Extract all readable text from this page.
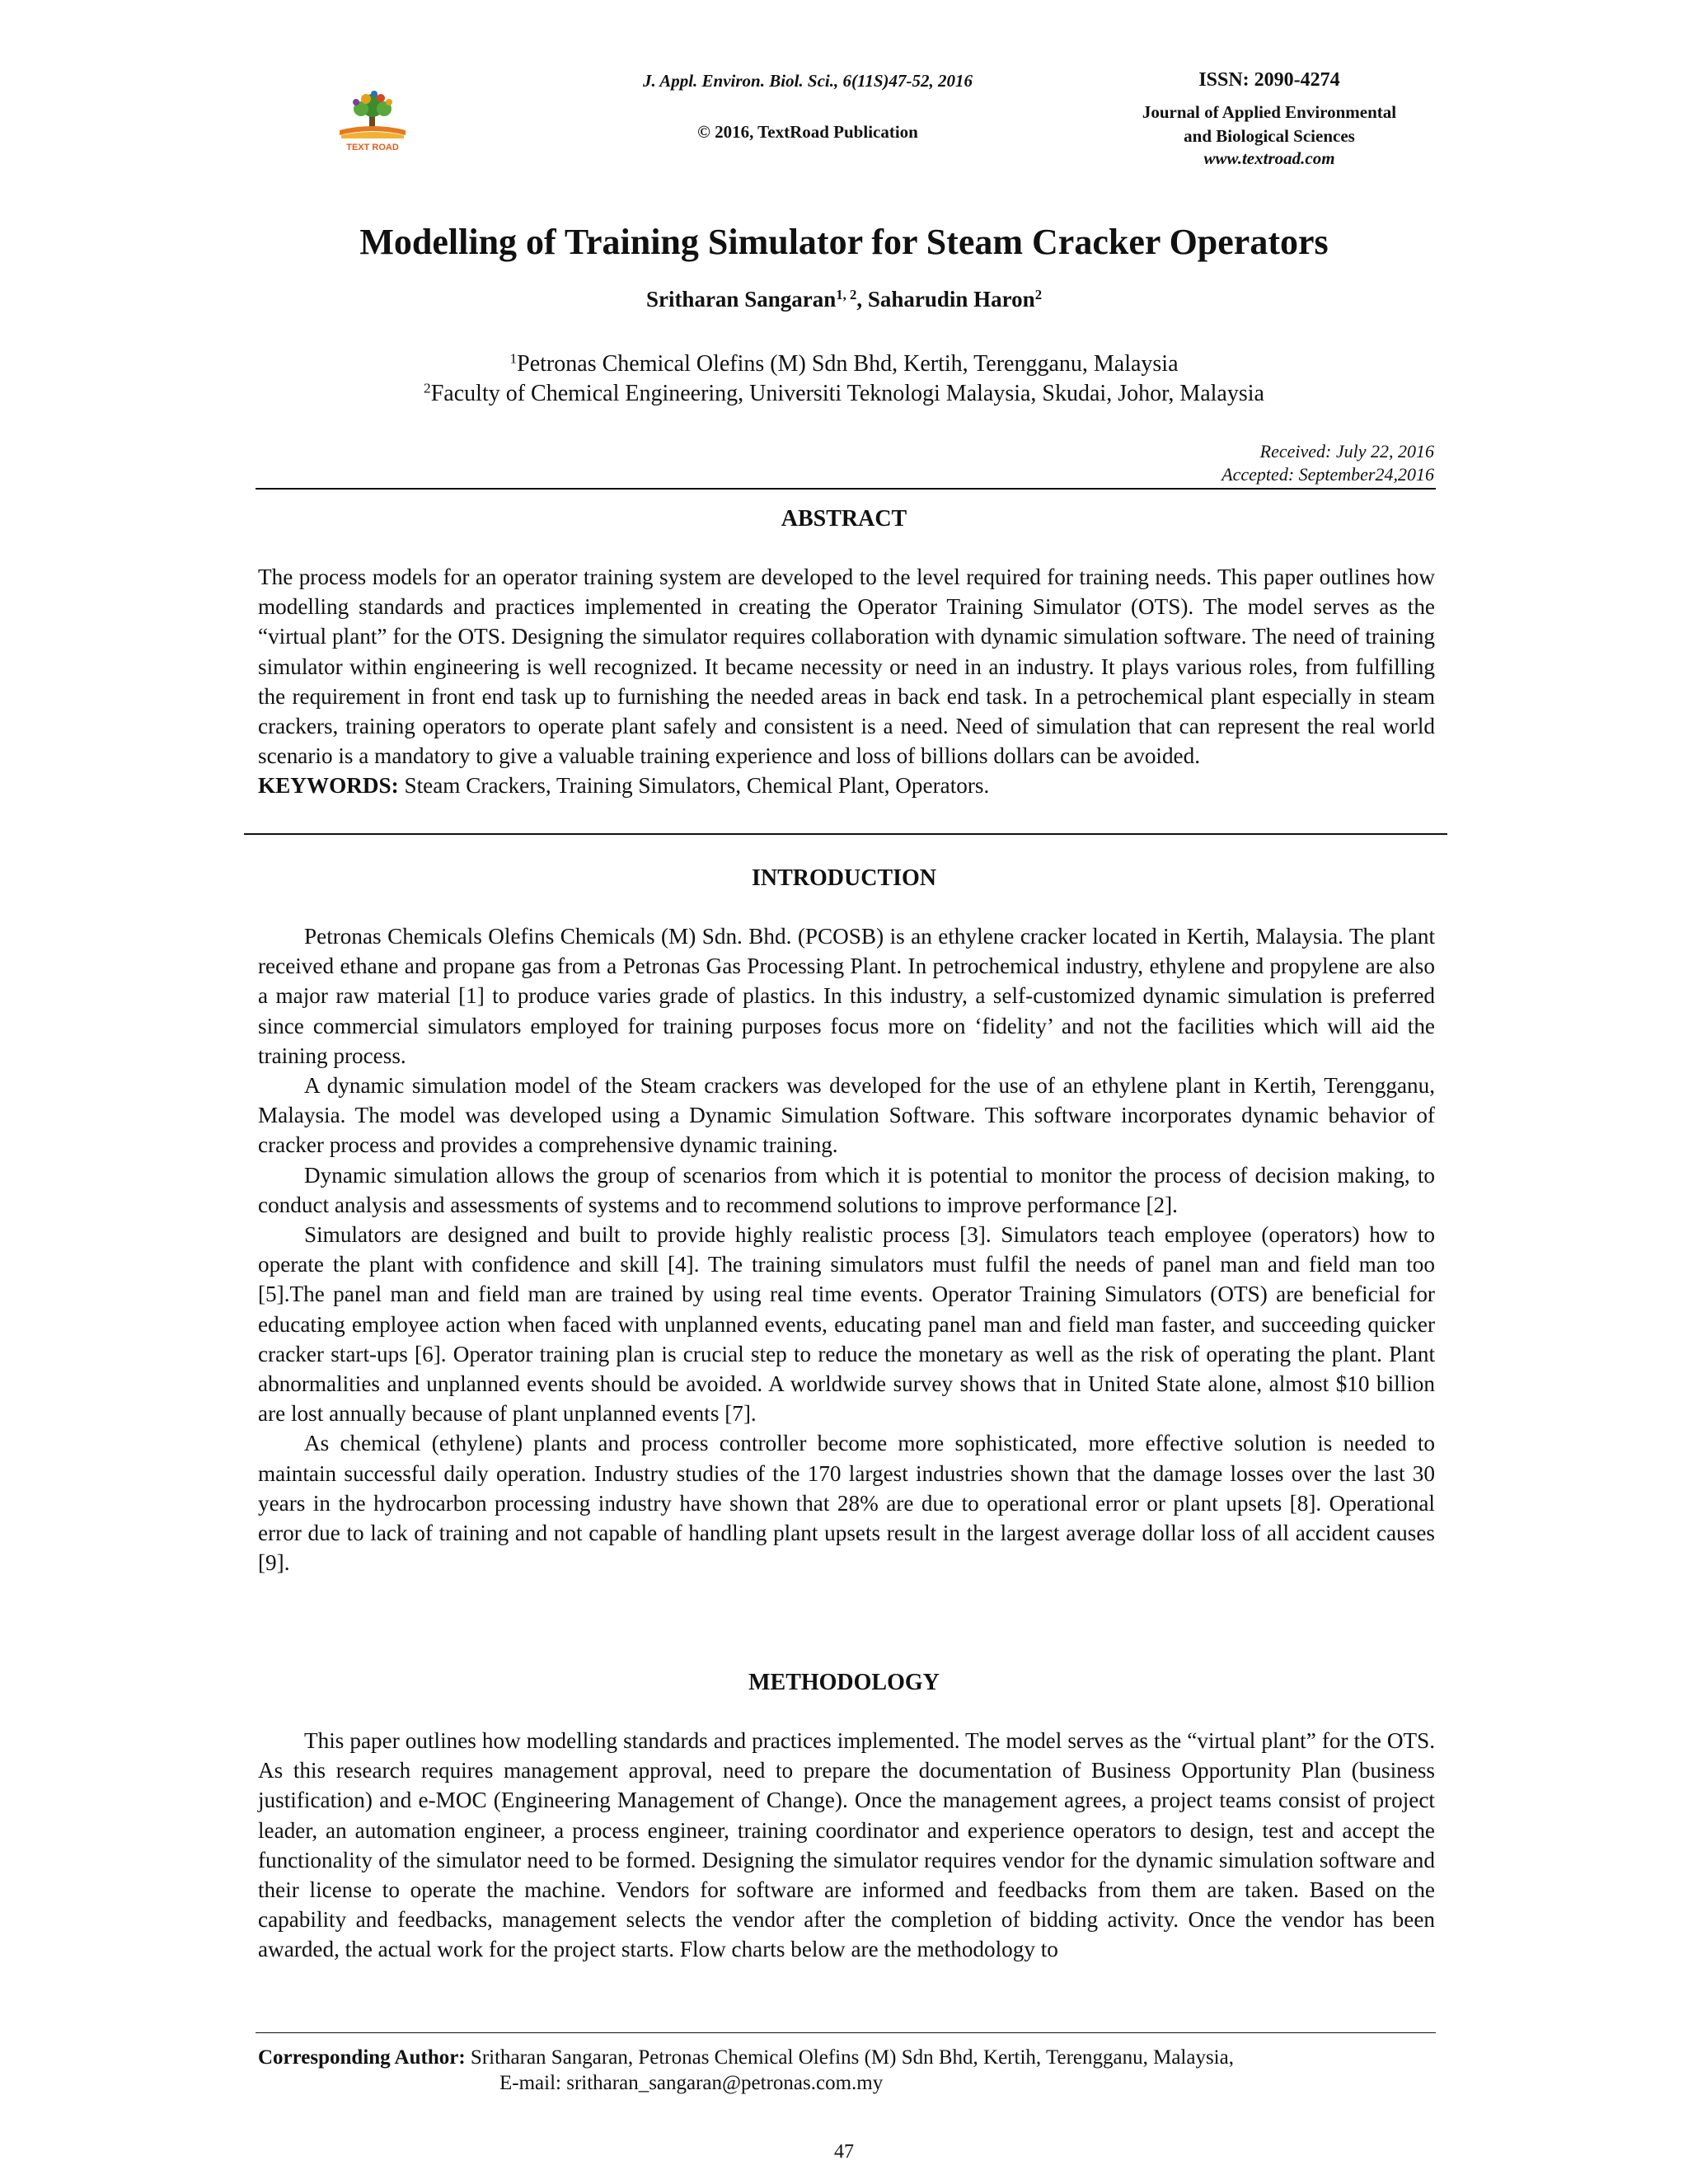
J. Appl. Environ. Biol. Sci., 6(11S)47-52, 2016
© 2016, TextRoad Publication
TEXT ROAD
ISSN: 2090-4274
Journal of Applied Environmental
and Biological Sciences
www.textroad.com
Modelling of Training Simulator for Steam Cracker Operators
Sritharan Sangaran$^{1, 2}$, Saharudin Haron$^2$
$^1$Petronas Chemical Olefins (M) Sdn Bhd, Kertih, Terengganu, Malaysia
$^2$Faculty of Chemical Engineering, Universiti Teknologi Malaysia, Skudai, Johor, Malaysia
Received: July 22, 2016
Accepted: September24,2016
ABSTRACT

The process models for an operator training system are developed to the level required for training needs. This paper outlines how modelling standards and practices implemented in creating the Operator Training Simulator (OTS). The model serves as the “virtual plant” for the OTS. Designing the simulator requires collaboration with dynamic simulation software. The need of training simulator within engineering is well recognized. It became necessity or need in an industry. It plays various roles, from fulfilling the requirement in front end task up to furnishing the needed areas in back end task. In a petrochemical plant especially in steam crackers, training operators to operate plant safely and consistent is a need. Need of simulation that can represent the real world scenario is a mandatory to give a valuable training experience and loss of billions dollars can be avoided.

KEYWORDS: Steam Crackers, Training Simulators, Chemical Plant, Operators.

INTRODUCTION

Petronas Chemicals Olefins Chemicals (M) Sdn. Bhd. (PCOSB) is an ethylene cracker located in Kertih, Malaysia. The plant received ethane and propane gas from a Petronas Gas Processing Plant. In petrochemical industry, ethylene and propylene are also a major raw material [1] to produce varies grade of plastics. In this industry, a self-customized dynamic simulation is preferred since commercial simulators employed for training purposes focus more on ‘fidelity’ and not the facilities which will aid the training process.

A dynamic simulation model of the Steam crackers was developed for the use of an ethylene plant in Kertih, Terengganu, Malaysia. The model was developed using a Dynamic Simulation Software. This software incorporates dynamic behavior of cracker process and provides a comprehensive dynamic training.

Dynamic simulation allows the group of scenarios from which it is potential to monitor the process of decision making, to conduct analysis and assessments of systems and to recommend solutions to improve performance [2].

Simulators are designed and built to provide highly realistic process [3]. Simulators teach employee (operators) how to operate the plant with confidence and skill [4]. The training simulators must fulfil the needs of panel man and field man too [5].The panel man and field man are trained by using real time events. Operator Training Simulators (OTS) are beneficial for educating employee action when faced with unplanned events, educating panel man and field man faster, and succeeding quicker cracker start-ups [6]. Operator training plan is crucial step to reduce the monetary as well as the risk of operating the plant. Plant abnormalities and unplanned events should be avoided. A worldwide survey shows that in United State alone, almost $10 billion are lost annually because of plant unplanned events [7].

As chemical (ethylene) plants and process controller become more sophisticated, more effective solution is needed to maintain successful daily operation. Industry studies of the 170 largest industries shown that the damage losses over the last 30 years in the hydrocarbon processing industry have shown that 28% are due to operational error or plant upsets [8]. Operational error due to lack of training and not capable of handling plant upsets result in the largest average dollar loss of all accident causes [9].

METHODOLOGY

This paper outlines how modelling standards and practices implemented. The model serves as the “virtual plant” for the OTS. As this research requires management approval, need to prepare the documentation of Business Opportunity Plan (business justification) and e-MOC (Engineering Management of Change). Once the management agrees, a project teams consist of project leader, an automation engineer, a process engineer, training coordinator and experience operators to design, test and accept the functionality of the simulator need to be formed. Designing the simulator requires vendor for the dynamic simulation software and their license to operate the machine. Vendors for software are informed and feedbacks from them are taken. Based on the capability and feedbacks, management selects the vendor after the completion of bidding activity. Once the vendor has been awarded, the actual work for the project starts. Flow charts below are the methodology to

Corresponding Author: Sritharan Sangaran, Petronas Chemical Olefins (M) Sdn Bhd, Kertih, Terengganu, Malaysia,
E-mail: sritharan_sangaran@petronas.com.my
47
